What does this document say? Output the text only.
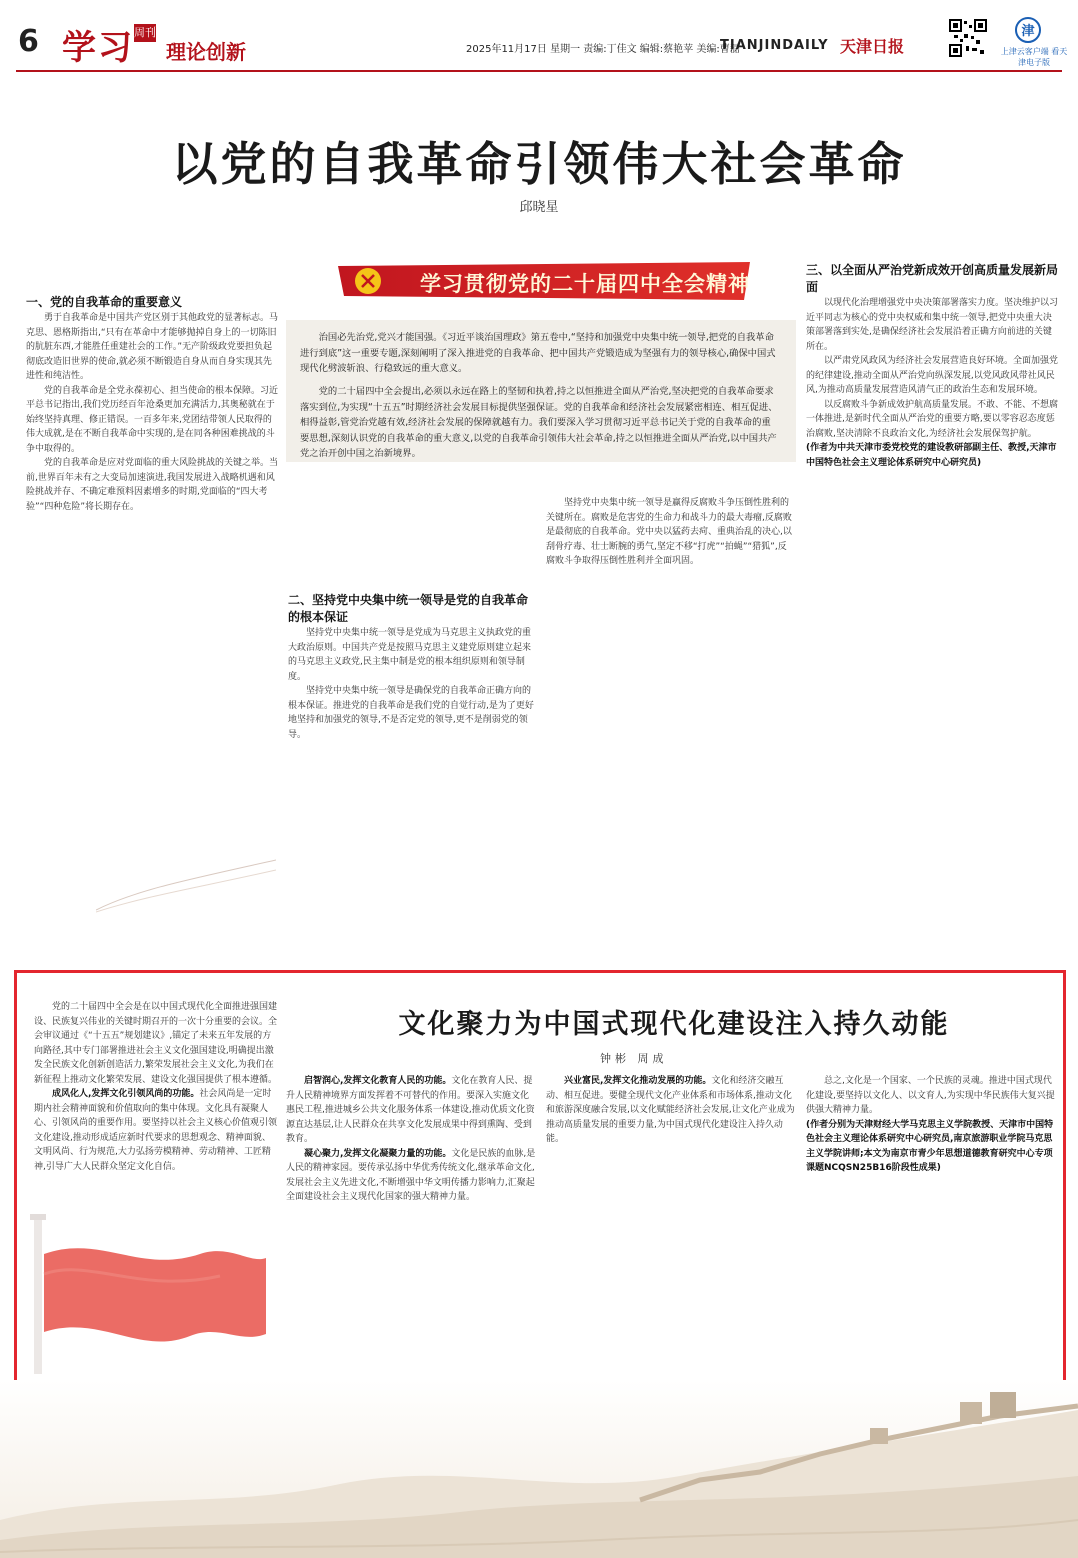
6 学习 周刊
理论创新	2025年11月17日 星期一 责编:丁佳文 编辑:蔡艳苹 美编:曹磊
TIANJINDAILY 天津日报
津
上津云客户端 看天津电子版
以党的自我革命引领伟大社会革命
邱晓星
一、党的自我革命的重要意义

勇于自我革命是中国共产党区别于其他政党的显著标志。马克思、恩格斯指出,“只有在革命中才能够抛掉自身上的一切陈旧的肮脏东西,才能胜任重建社会的工作。”无产阶级政党要担负起彻底改造旧世界的使命,就必须不断锻造自身从而自身实现其先进性和纯洁性。

党的自我革命是全党永葆初心、担当使命的根本保障。习近平总书记指出,我们党历经百年沧桑更加充满活力,其奥秘就在于始终坚持真理、修正错误。一百多年来,党团结带领人民取得的伟大成就,是在不断自我革命中实现的,是在同各种困难挑战的斗争中取得的。

党的自我革命是应对党面临的重大风险挑战的关键之举。当前,世界百年未有之大变局加速演进,我国发展进入战略机遇和风险挑战并存、不确定难预料因素增多的时期,党面临的“四大考验”“四种危险”将长期存在。

学习贯彻党的二十届四中全会精神

治国必先治党,党兴才能国强。《习近平谈治国理政》第五卷中,“坚持和加强党中央集中统一领导,把党的自我革命进行到底”这一重要专题,深刻阐明了深入推进党的自我革命、把中国共产党锻造成为坚强有力的领导核心,确保中国式现代化劈波斩浪、行稳致远的重大意义。

党的二十届四中全会提出,必须以永远在路上的坚韧和执着,持之以恒推进全面从严治党,坚决把党的自我革命要求落实到位,为实现“十五五”时期经济社会发展目标提供坚强保证。党的自我革命和经济社会发展紧密相连、相互促进、相得益彰,管党治党越有效,经济社会发展的保障就越有力。我们要深入学习贯彻习近平总书记关于党的自我革命的重要思想,深刻认识党的自我革命的重大意义,以党的自我革命引领伟大社会革命,持之以恒推进全面从严治党,以中国共产党之治开创中国之治新境界。

二、坚持党中央集中统一领导是党的自我革命的根本保证

坚持党中央集中统一领导是党成为马克思主义执政党的重大政治原则。中国共产党是按照马克思主义建党原则建立起来的马克思主义政党,民主集中制是党的根本组织原则和领导制度。

坚持党中央集中统一领导是确保党的自我革命正确方向的根本保证。推进党的自我革命是我们党的自觉行动,是为了更好地坚持和加强党的领导,不是否定党的领导,更不是削弱党的领导。

坚持党中央集中统一领导是赢得反腐败斗争压倒性胜利的关键所在。腐败是危害党的生命力和战斗力的最大毒瘤,反腐败是最彻底的自我革命。党中央以猛药去疴、重典治乱的决心,以刮骨疗毒、壮士断腕的勇气,坚定不移“打虎”“拍蝇”“猎狐”,反腐败斗争取得压倒性胜利并全面巩固。

三、以全面从严治党新成效开创高质量发展新局面

以现代化治理增强党中央决策部署落实力度。坚决维护以习近平同志为核心的党中央权威和集中统一领导,把党中央重大决策部署落到实处,是确保经济社会发展沿着正确方向前进的关键所在。

以严肃党风政风为经济社会发展营造良好环境。全面加强党的纪律建设,推动全面从严治党向纵深发展,以党风政风带社风民风,为推动高质量发展营造风清气正的政治生态和发展环境。

以反腐败斗争新成效护航高质量发展。不敢、不能、不想腐一体推进,是新时代全面从严治党的重要方略,要以零容忍态度惩治腐败,坚决清除不良政治文化,为经济社会发展保驾护航。

(作者为中共天津市委党校党的建设教研部副主任、教授,天津市中国特色社会主义理论体系研究中心研究员)

文化聚力为中国式现代化建设注入持久动能
钟彬 周成

党的二十届四中全会是在以中国式现代化全面推进强国建设、民族复兴伟业的关键时期召开的一次十分重要的会议。全会审议通过《“十五五”规划建议》,锚定了未来五年发展的方向路径,其中专门部署推进社会主义文化强国建设,明确提出激发全民族文化创新创造活力,繁荣发展社会主义文化,为我们在新征程上推动文化繁荣发展、建设文化强国提供了根本遵循。

成风化人,发挥文化引领风尚的功能。社会风尚是一定时期内社会精神面貌和价值取向的集中体现。文化具有凝聚人心、引领风尚的重要作用。要坚持以社会主义核心价值观引领文化建设,推动形成适应新时代要求的思想观念、精神面貌、文明风尚、行为规范,大力弘扬劳模精神、劳动精神、工匠精神,引导广大人民群众坚定文化自信。

启智润心,发挥文化教育人民的功能。文化在教育人民、提升人民精神境界方面发挥着不可替代的作用。要深入实施文化惠民工程,推进城乡公共文化服务体系一体建设,推动优质文化资源直达基层,让人民群众在共享文化发展成果中得到熏陶、受到教育。

凝心聚力,发挥文化凝聚力量的功能。文化是民族的血脉,是人民的精神家园。要传承弘扬中华优秀传统文化,继承革命文化,发展社会主义先进文化,不断增强中华文明传播力影响力,汇聚起全面建设社会主义现代化国家的强大精神力量。

兴业富民,发挥文化推动发展的功能。文化和经济交融互动、相互促进。要健全现代文化产业体系和市场体系,推动文化和旅游深度融合发展,以文化赋能经济社会发展,让文化产业成为推动高质量发展的重要力量,为中国式现代化建设注入持久动能。

总之,文化是一个国家、一个民族的灵魂。推进中国式现代化建设,要坚持以文化人、以文育人,为实现中华民族伟大复兴提供强大精神力量。

(作者分别为天津财经大学马克思主义学院教授、天津市中国特色社会主义理论体系研究中心研究员,南京旅游职业学院马克思主义学院讲师;本文为南京市青少年思想道德教育研究中心专项课题NCQSN25B16阶段性成果)
